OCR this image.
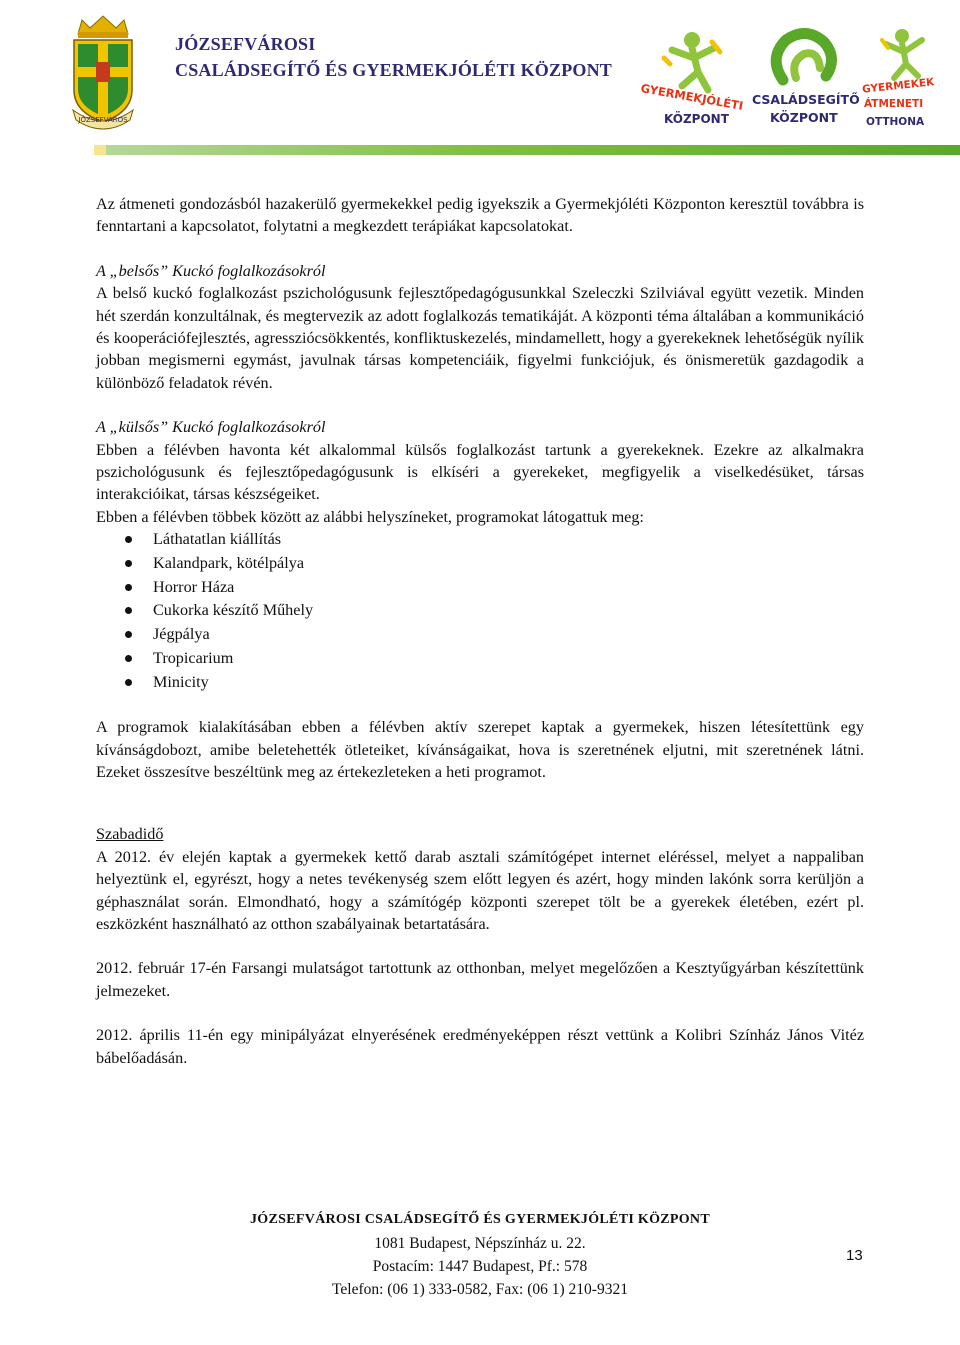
JÓZSEFVÁROS
JÓZSEFVÁROSI
CSALÁDSEGÍTŐ ÉS GYERMEKJÓLÉTI KÖZPONT
GYERMEKJÓLÉTI
KÖZPONT
CSALÁDSEGÍTŐ
KÖZPONT
GYERMEKEK
ÁTMENETI
OTTHONA

Az átmeneti gondozásból hazakerülő gyermekekkel pedig igyekszik a Gyermekjóléti Központon keresztül továbbra is fenntartani a kapcsolatot, folytatni a megkezdett terápiákat kapcsolatokat.

A „belsős” Kuckó foglalkozásokról

A belső kuckó foglalkozást pszichológusunk fejlesztőpedagógusunkkal Szeleczki Szilviával együtt vezetik. Minden hét szerdán konzultálnak, és megtervezik az adott foglalkozás tematikáját. A központi téma általában a kommunikáció és kooperációfejlesztés, agressziócsökkentés, konfliktuskezelés, mindamellett, hogy a gyerekeknek lehetőségük nyílik jobban megismerni egymást, javulnak társas kompetenciáik, figyelmi funkciójuk, és önismeretük gazdagodik a különböző feladatok révén.

A „külsős” Kuckó foglalkozásokról

Ebben a félévben havonta két alkalommal külsős foglalkozást tartunk a gyerekeknek. Ezekre az alkalmakra pszichológusunk és fejlesztőpedagógusunk is elkíséri a gyerekeket, megfigyelik a viselkedésüket, társas interakcióikat, társas készségeiket.

Ebben a félévben többek között az alábbi helyszíneket, programokat látogattuk meg:

Láthatatlan kiállítás
Kalandpark, kötélpálya
Horror Háza
Cukorka készítő Műhely
Jégpálya
Tropicarium
Minicity

A programok kialakításában ebben a félévben aktív szerepet kaptak a gyermekek, hiszen létesítettünk egy kívánságdobozt, amibe beletehették ötleteiket, kívánságaikat, hova is szeretnének eljutni, mit szeretnének látni. Ezeket összesítve beszéltünk meg az értekezleteken a heti programot.

Szabadidő

A 2012. év elején kaptak a gyermekek kettő darab asztali számítógépet internet eléréssel, melyet a nappaliban helyeztünk el, egyrészt, hogy a netes tevékenység szem előtt legyen és azért, hogy minden lakónk sorra kerüljön a géphasználat során. Elmondható, hogy a számítógép központi szerepet tölt be a gyerekek életében, ezért pl. eszközként használható az otthon szabályainak betartatására.

2012. február 17-én Farsangi mulatságot tartottunk az otthonban, melyet megelőzően a Kesztyűgyárban készítettünk jelmezeket.

2012. április 11-én egy minipályázat elnyerésének eredményeképpen részt vettünk a Kolibri Színház János Vitéz bábelőadásán.

JÓZSEFVÁROSI CSALÁDSEGÍTŐ ÉS GYERMEKJÓLÉTI KÖZPONT
1081 Budapest, Népszínház u. 22.
Postacím: 1447 Budapest, Pf.: 578
Telefon: (06 1) 333-0582, Fax: (06 1) 210-9321
13
